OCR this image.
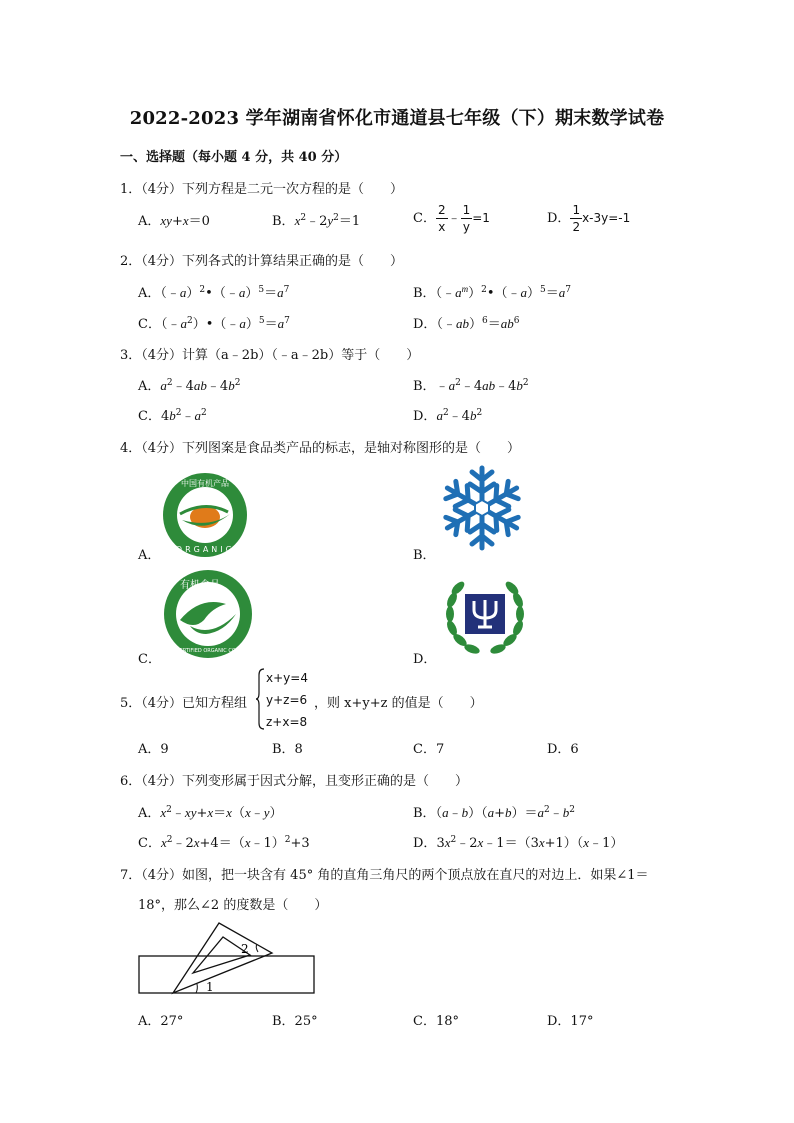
2022-2023 学年湖南省怀化市通道县七年级（下）期末数学试卷
一、选择题（每小题 4 分，共 40 分）
1．（4分）下列方程是二元一次方程的是（　　）
A．xy+x＝0	B．$x^2﹣2y^2=1$	C． $\frac{2}{x}$ ﹣ $\frac{1}{y} =1$	D． $\frac{1}{2} x-3y=-1$
2．（4分）下列各式的计算结果正确的是（　　）
A．$(﹣a)^2•(﹣a)^5=a^7$	B．$(﹣a^m)^2•(﹣a)^5=a^7$
C．$(﹣a^2)•(﹣a)^5=a^7$	D．$(﹣ab)^6=ab^6$
3．（4分）计算（a﹣2b）（﹣a﹣2b）等于（　　）
A．$a^2﹣4ab﹣4b^2$	B．$﹣a^2﹣4ab﹣4b^2$
C．$4b^2﹣a^2$	D．$a^2﹣4b^2$
4．（4分）下列图案是食品类产品的标志，是轴对称图形的是（　　）
中国有机产品
ORGANIC
A．	B．
有机食品
CERTIFIED ORGANIC COFFEE
C．	D．
5．（4分）已知方程组
x+y=4
y+z=6
z+x=8
，则 x+y+z 的值是（　　）
A．9	B．8	C．7	D．6
6．（4分）下列变形属于因式分解，且变形正确的是（　　）
A．$x^2﹣xy+x=x(x﹣y)$	B．$(a﹣b)(a+b)=a^2﹣b^2$
C．$x^2﹣2x+4=(x﹣1)^2+3$	D．$3x^2﹣2x﹣1=(3x+1)(x﹣1)$
7．（4分）如图，把一块含有 45° 角的直角三角尺的两个顶点放在直尺的对边上．如果∠1＝
18°，那么∠2 的度数是（　　）
1
2
A．27°	B．25°	C．18°	D．17°
